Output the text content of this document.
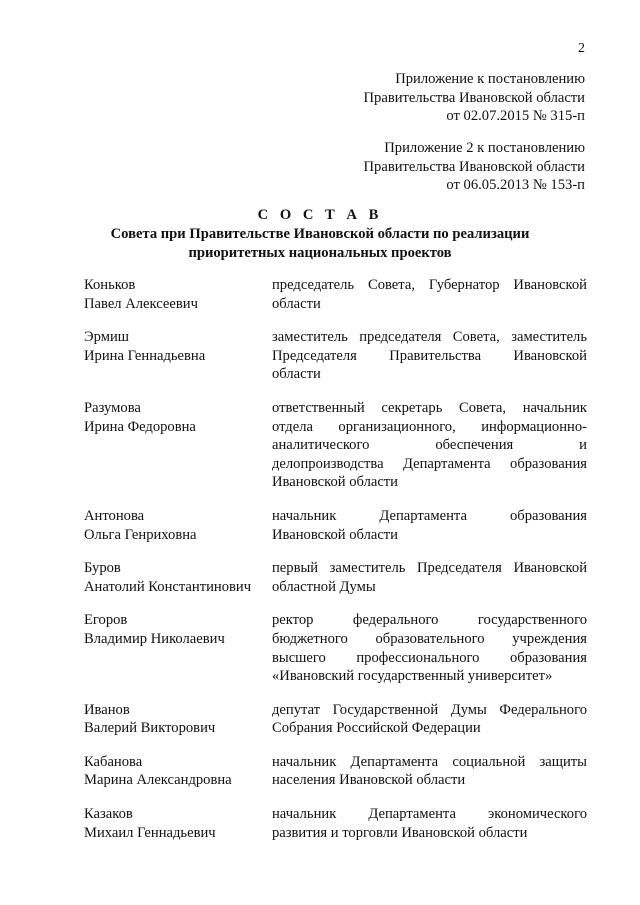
2
Приложение к постановлению
Правительства Ивановской области
от 02.07.2015 № 315-п
Приложение 2 к постановлению
Правительства Ивановской области
от 06.05.2013 № 153-п
С О С Т А В
Совета при Правительстве Ивановской области по реализации
приоритетных национальных проектов
Коньков
Павел Алексеевич
председатель Совета, Губернатор Ивановской
области
Эрмиш
Ирина Геннадьевна
заместитель председателя Совета, заместитель
Председателя Правительства Ивановской
области
Разумова
Ирина Федоровна
ответственный секретарь Совета, начальник
отдела организационного, информационно-
аналитического обеспечения и
делопроизводства Департамента образования
Ивановской области
Антонова
Ольга Генриховна
начальник Департамента образования
Ивановской области
Буров
Анатолий Константинович
первый заместитель Председателя Ивановской
областной Думы
Егоров
Владимир Николаевич
ректор федерального государственного
бюджетного образовательного учреждения
высшего профессионального образования
«Ивановский государственный университет»
Иванов
Валерий Викторович
депутат Государственной Думы Федерального
Собрания Российской Федерации
Кабанова
Марина Александровна
начальник Департамента социальной защиты
населения Ивановской области
Казаков
Михаил Геннадьевич
начальник Департамента экономического
развития и торговли Ивановской области
